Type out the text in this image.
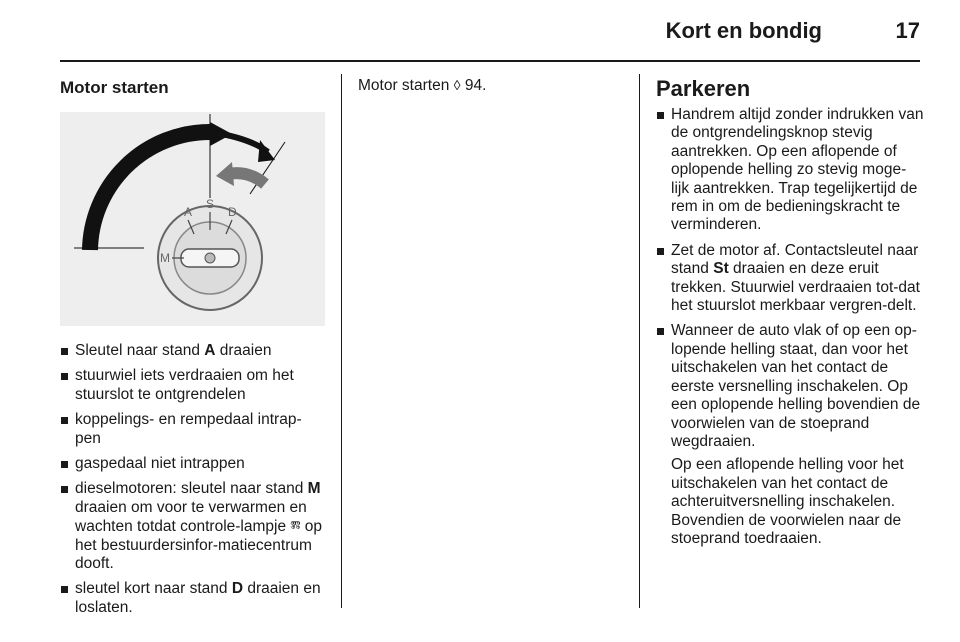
Kort en bondig	17
Motor starten
A
S
D
M
Sleutel naar stand A draaien
stuurwiel iets verdraaien om het stuurslot te ontgrendelen
koppelings- en rempedaal intrap-pen
gaspedaal niet intrappen
dieselmotoren: sleutel naar stand M draaien om voor te verwarmen en wachten totdat controle-lampje ⰿ op het bestuurdersinfor-matiecentrum dooft.
sleutel kort naar stand D draaien en loslaten.
Motor starten ◊ 94.	Parkeren
Handrem altijd zonder indrukken van de ontgrendelingsknop stevig aantrekken. Op een aflopende of oplopende helling zo stevig moge-lijk aantrekken. Trap tegelijkertijd de rem in om de bedieningskracht te verminderen.
Zet de motor af. Contactsleutel naar stand St draaien en deze eruit trekken. Stuurwiel verdraaien tot-dat het stuurslot merkbaar vergren-delt.
Wanneer de auto vlak of op een op-lopende helling staat, dan voor het uitschakelen van het contact de eerste versnelling inschakelen. Op een oplopende helling bovendien de voorwielen van de stoeprand wegdraaien.
Op een aflopende helling voor het uitschakelen van het contact de achteruitversnelling inschakelen. Bovendien de voorwielen naar de stoeprand toedraaien.
